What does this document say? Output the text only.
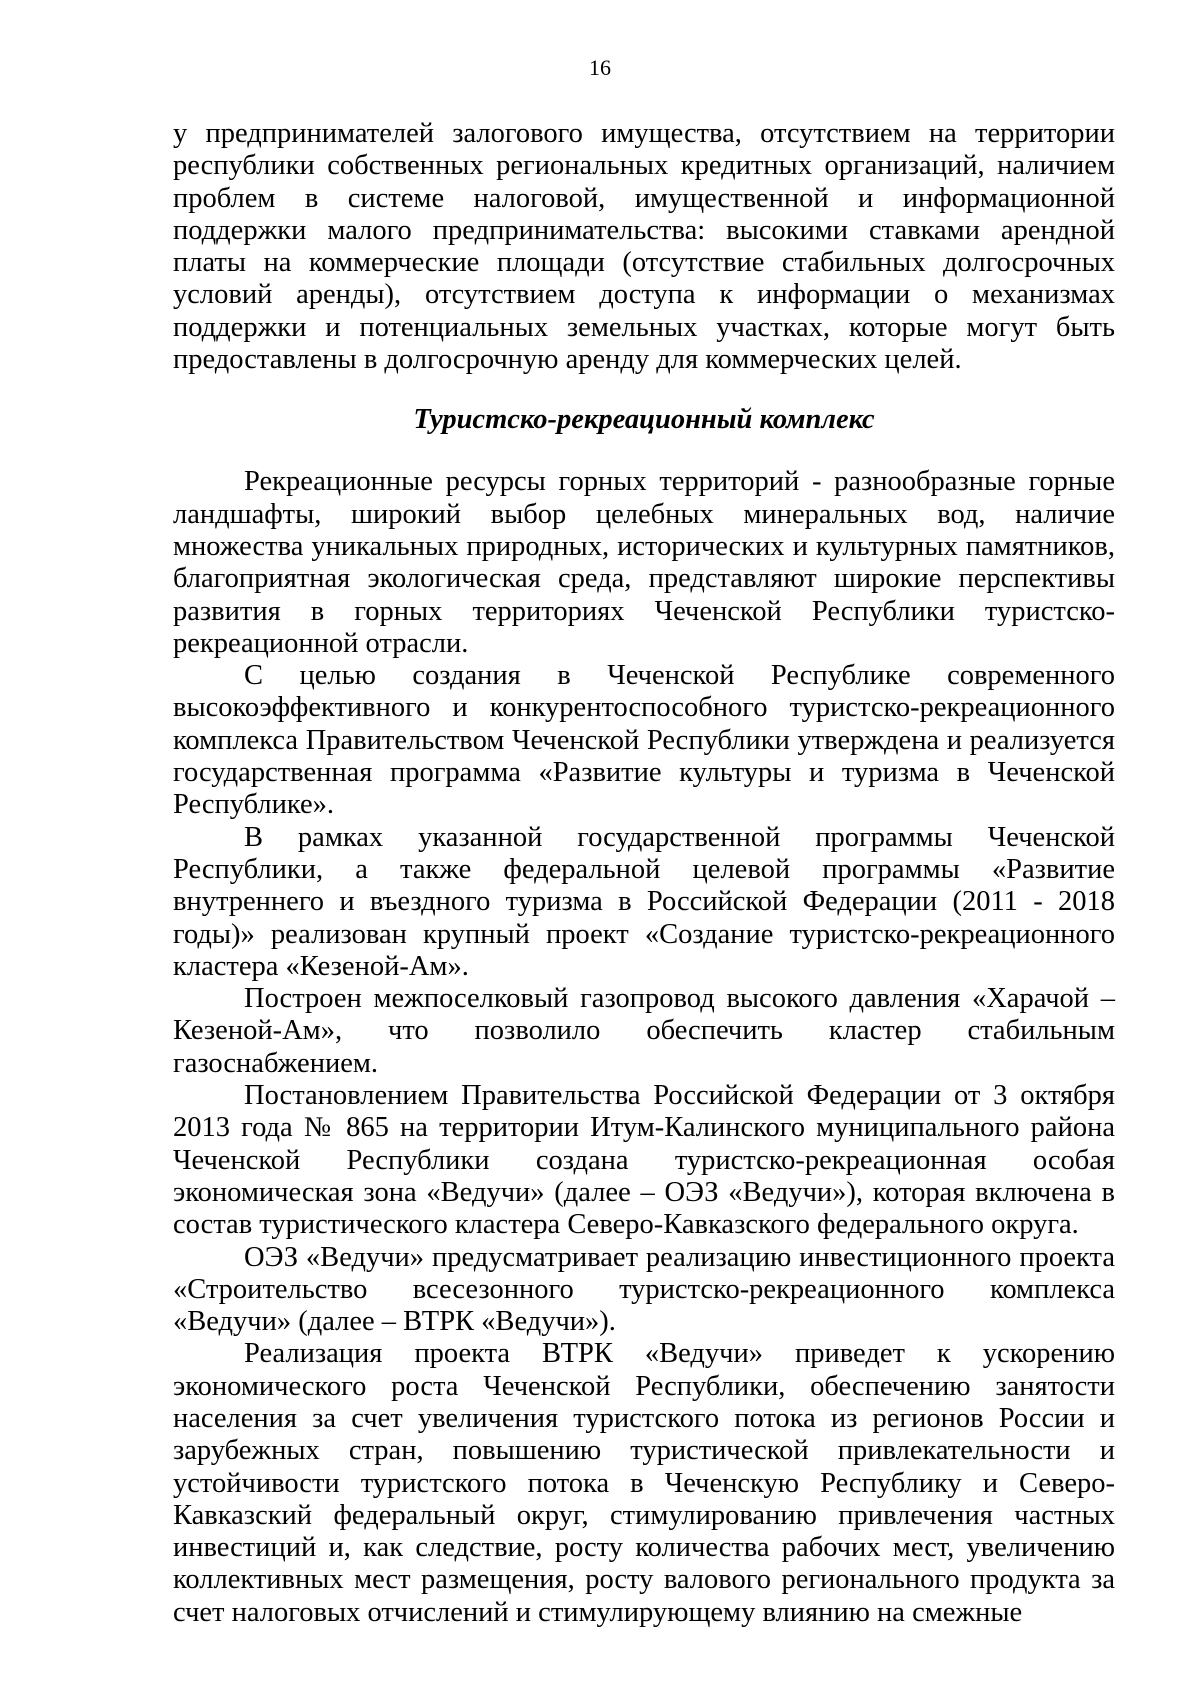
16

у предпринимателей залогового имущества, отсутствием на территории республики собственных региональных кредитных организаций, наличием проблем в системе налоговой, имущественной и информационной поддержки малого предпринимательства: высокими ставками арендной платы на коммерческие площади (отсутствие стабильных долгосрочных условий аренды), отсутствием доступа к информации о механизмах поддержки и потенциальных земельных участках, которые могут быть предоставлены в долгосрочную аренду для коммерческих целей.

Туристско-рекреационный комплекс

Рекреационные ресурсы горных территорий - разнообразные горные ландшафты, широкий выбор целебных минеральных вод, наличие множества уникальных природных, исторических и культурных памятников, благоприятная экологическая среда, представляют широкие перспективы развития в горных территориях Чеченской Республики туристско-рекреационной отрасли.

С целью создания в Чеченской Республике современного высокоэффективного и конкурентоспособного туристско-рекреационного комплекса Правительством Чеченской Республики утверждена и реализуется государственная программа «Развитие культуры и туризма в Чеченской Республике».

В рамках указанной государственной программы Чеченской Республики, а также федеральной целевой программы «Развитие внутреннего и въездного туризма в Российской Федерации (2011 - 2018 годы)» реализован крупный проект «Создание туристско-рекреационного кластера «Кезеной-Ам».

Построен межпоселковый газопровод высокого давления «Харачой – Кезеной-Ам», что позволило обеспечить кластер стабильным газоснабжением.

Постановлением Правительства Российской Федерации от 3 октября 2013 года № 865 на территории Итум-Калинского муниципального района Чеченской Республики создана туристско-рекреационная особая экономическая зона «Ведучи» (далее – ОЭЗ «Ведучи»), которая включена в состав туристического кластера Северо-Кавказского федерального округа.

ОЭЗ «Ведучи» предусматривает реализацию инвестиционного проекта «Строительство всесезонного туристско-рекреационного комплекса «Ведучи» (далее – ВТРК «Ведучи»).

Реализация проекта ВТРК «Ведучи» приведет к ускорению экономического роста Чеченской Республики, обеспечению занятости населения за счет увеличения туристского потока из регионов России и зарубежных стран, повышению туристической привлекательности и устойчивости туристского потока в Чеченскую Республику и Северо-Кавказский федеральный округ, стимулированию привлечения частных инвестиций и, как следствие, росту количества рабочих мест, увеличению коллективных мест размещения, росту валового регионального продукта за счет налоговых отчислений и стимулирующему влиянию на смежные
